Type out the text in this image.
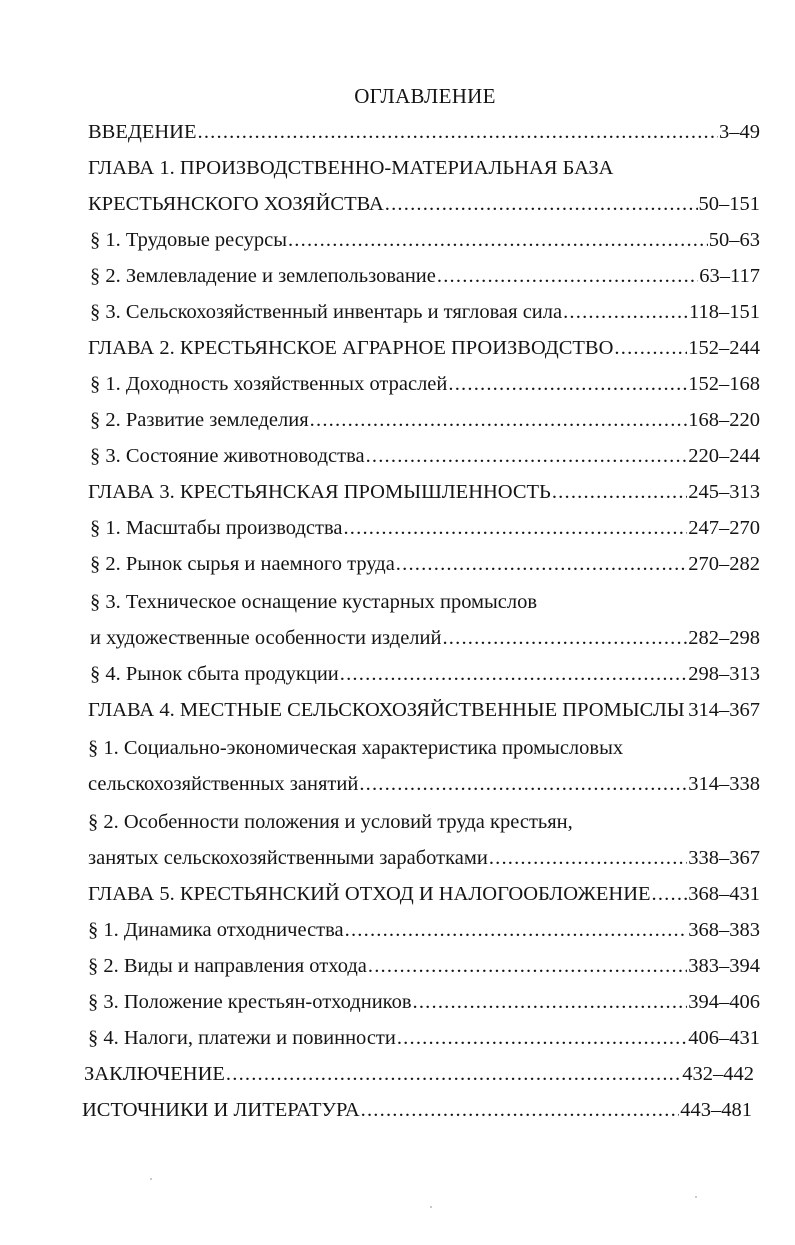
ОГЛАВЛЕНИЕ
ВВЕДЕНИЕ .....	3–49
ГЛАВА 1. ПРОИЗВОДСТВЕННО-МАТЕРИАЛЬНАЯ БАЗА
КРЕСТЬЯНСКОГО ХОЗЯЙСТВА .....	50–151
§ 1. Трудовые ресурсы .....	50–63
§ 2. Землевладение и землепользование .....	63–117
§ 3. Сельскохозяйственный инвентарь и тягловая сила .....	118–151
ГЛАВА 2. КРЕСТЬЯНСКОЕ АГРАРНОЕ ПРОИЗВОДСТВО .....	152–244
§ 1. Доходность хозяйственных отраслей .....	152–168
§ 2. Развитие земледелия .....	168–220
§ 3. Состояние животноводства .....	220–244
ГЛАВА 3. КРЕСТЬЯНСКАЯ ПРОМЫШЛЕННОСТЬ .....	245–313
§ 1. Масштабы производства .....	247–270
§ 2. Рынок сырья и наемного труда .....	270–282
§ 3. Техническое оснащение кустарных промыслов
и художественные особенности изделий .....	282–298
§ 4. Рынок сбыта продукции .....	298–313
ГЛАВА 4. МЕСТНЫЕ СЕЛЬСКОХОЗЯЙСТВЕННЫЕ ПРОМЫСЛЫ ..... 314–367
§ 1. Социально-экономическая характеристика промысловых
сельскохозяйственных занятий .....	314–338
§ 2. Особенности положения и условий труда крестьян,
занятых сельскохозяйственными заработками .....	338–367
ГЛАВА 5. КРЕСТЬЯНСКИЙ ОТХОД И НАЛОГООБЛОЖЕНИЕ ..... 368–431
§ 1. Динамика отходничества .....	368–383
§ 2. Виды и направления отхода .....	383–394
§ 3. Положение крестьян-отходников .....	394–406
§ 4. Налоги, платежи и повинности .....	406–431
ЗАКЛЮЧЕНИЕ .....	432–442
ИСТОЧНИКИ И ЛИТЕРАТУРА .....	443–481
